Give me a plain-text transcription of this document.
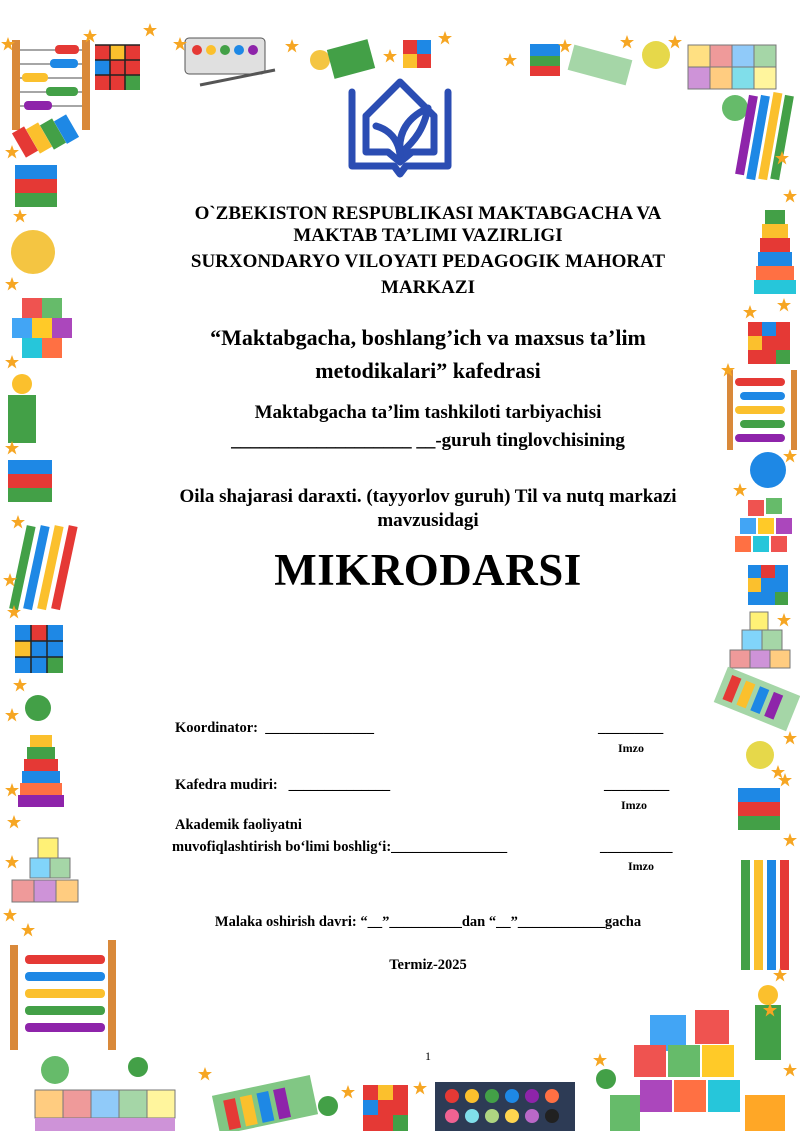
O`ZBEKISTON RESPUBLIKASI MAKTABGACHA VA
MAKTAB TA’LIMI VAZIRLIGI
SURXONDARYO VILOYATI PEDAGOGIK MAHORAT
MARKAZI
“Maktabgacha, boshlang’ich va maxsus ta’lim
metodikalari” kafedrasi
Maktabgacha ta’lim tashkiloti tarbiyachisi
___________________ __-guruh tinglovchisining
Oila shajarasi daraxti. (tayyorlov guruh) Til va nutq markazi mavzusidagi
MIKRODARSI
Koordinator:  _______________	_________
Imzo
Kafedra mudiri:   ______________	_________
Imzo
Akademik faoliyatni
muvofiqlashtirish bo‘limi boshlig‘i:________________	__________
Imzo
Malaka oshirish davri: “__”__________dan “__”____________gacha
Termiz-2025
1
